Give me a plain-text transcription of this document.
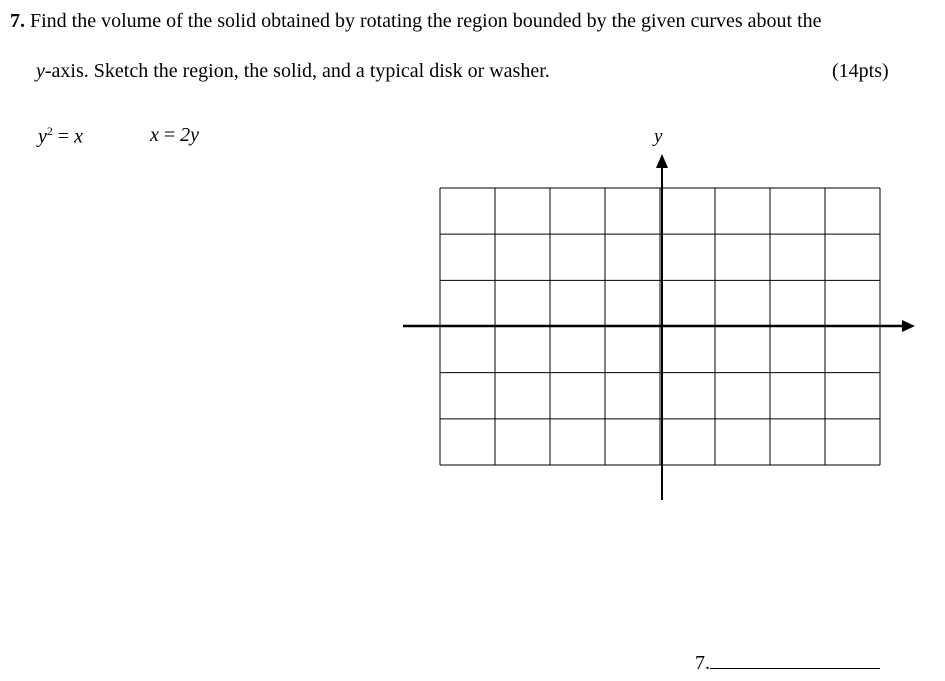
7. Find the volume of the solid obtained by rotating the region bounded by the given curves about the
y-axis. Sketch the region, the solid, and a typical disk or washer.	(14pts)
$y^2 = x$	x = 2y	y
7.
